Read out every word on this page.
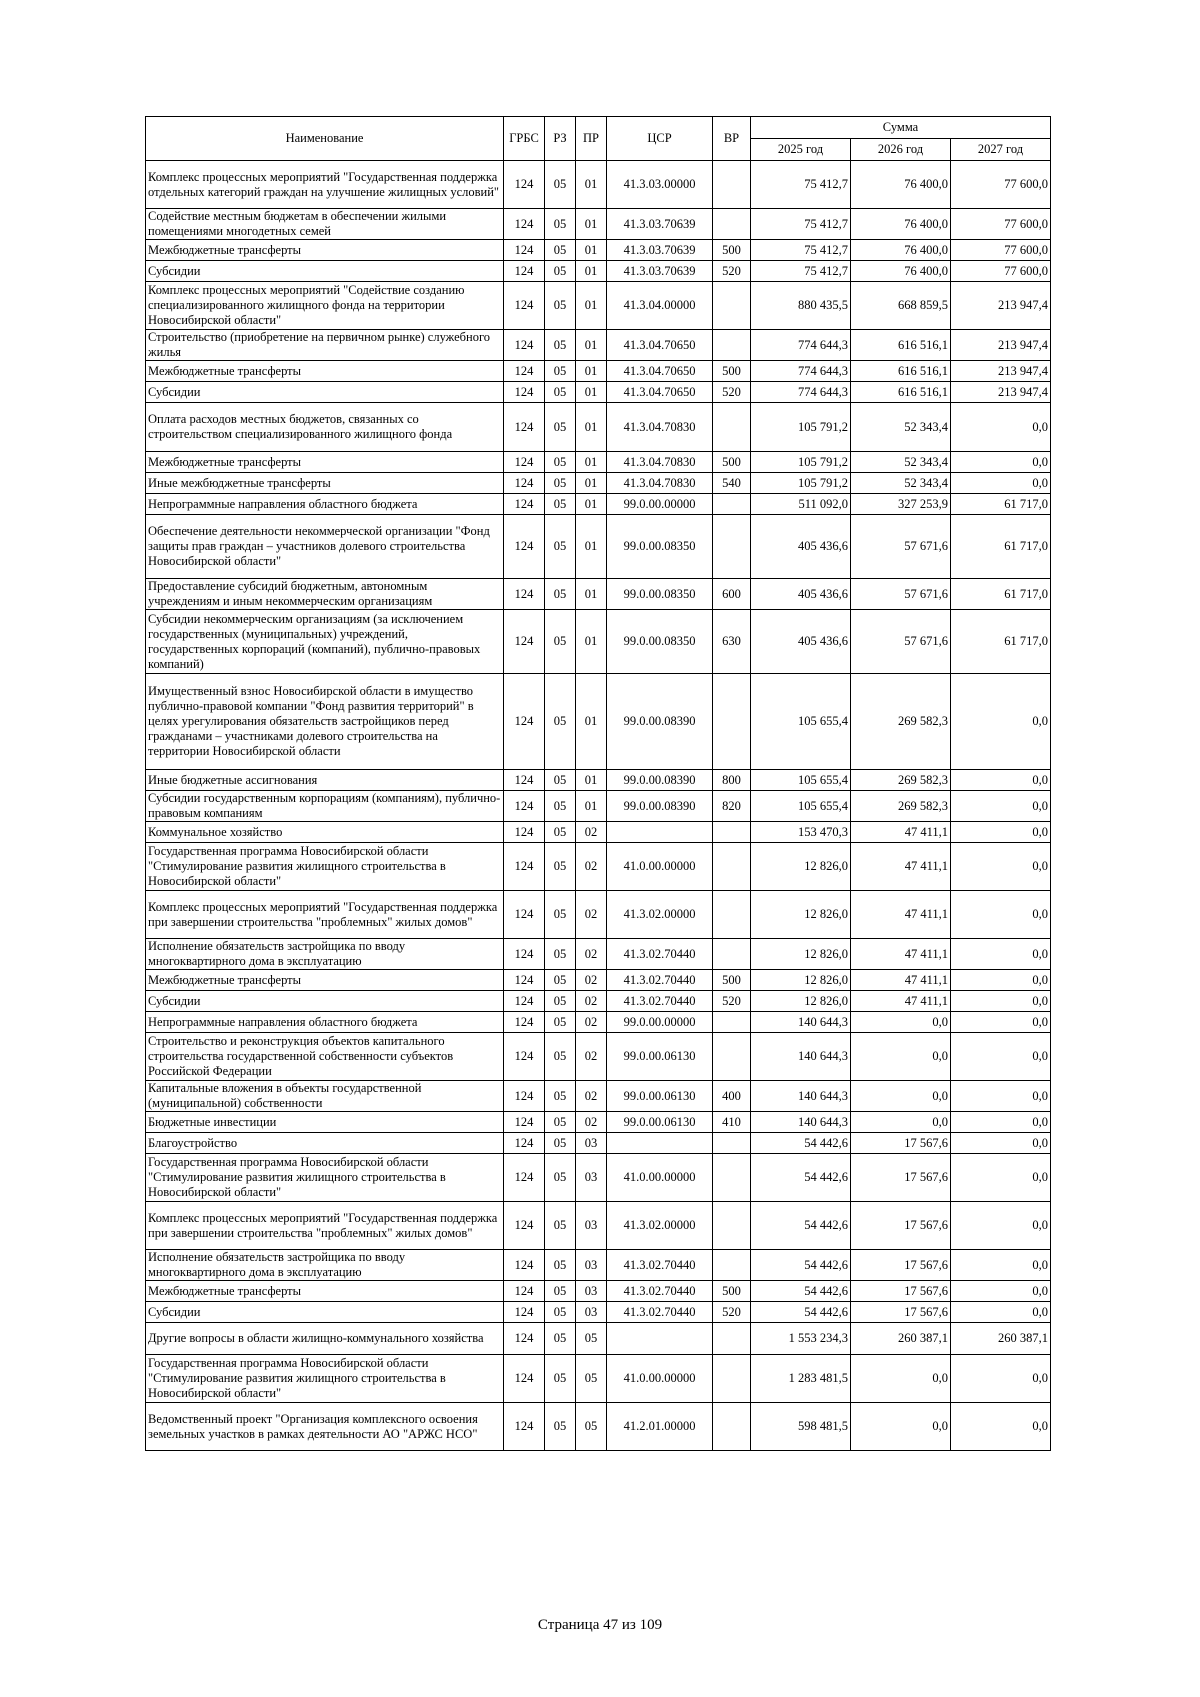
Наименование	ГРБС	РЗ	ПР	ЦСР	ВР	Сумма		
						2025 год	2026 год	2027 год
Комплекс процессных мероприятий "Государственная поддержка отдельных категорий граждан на улучшение жилищных условий"	124	05	01	41.3.03.00000		75 412,7	76 400,0	77 600,0
Содействие местным бюджетам в обеспечении жилыми помещениями многодетных семей	124	05	01	41.3.03.70639		75 412,7	76 400,0	77 600,0
Межбюджетные трансферты	124	05	01	41.3.03.70639	500	75 412,7	76 400,0	77 600,0
Субсидии	124	05	01	41.3.03.70639	520	75 412,7	76 400,0	77 600,0
Комплекс процессных мероприятий "Содействие созданию специализированного жилищного фонда на территории Новосибирской области"	124	05	01	41.3.04.00000		880 435,5	668 859,5	213 947,4
Строительство (приобретение на первичном рынке) служебного жилья	124	05	01	41.3.04.70650		774 644,3	616 516,1	213 947,4
Межбюджетные трансферты	124	05	01	41.3.04.70650	500	774 644,3	616 516,1	213 947,4
Субсидии	124	05	01	41.3.04.70650	520	774 644,3	616 516,1	213 947,4
Оплата расходов местных бюджетов, связанных со строительством специализированного жилищного фонда	124	05	01	41.3.04.70830		105 791,2	52 343,4	0,0
Межбюджетные трансферты	124	05	01	41.3.04.70830	500	105 791,2	52 343,4	0,0
Иные межбюджетные трансферты	124	05	01	41.3.04.70830	540	105 791,2	52 343,4	0,0
Непрограммные направления областного бюджета	124	05	01	99.0.00.00000		511 092,0	327 253,9	61 717,0
Обеспечение деятельности некоммерческой организации "Фонд защиты прав граждан – участников долевого строительства Новосибирской области"	124	05	01	99.0.00.08350		405 436,6	57 671,6	61 717,0
Предоставление субсидий бюджетным, автономным учреждениям и иным некоммерческим организациям	124	05	01	99.0.00.08350	600	405 436,6	57 671,6	61 717,0
Субсидии некоммерческим организациям (за исключением государственных (муниципальных) учреждений, государственных корпораций (компаний), публично-правовых компаний)	124	05	01	99.0.00.08350	630	405 436,6	57 671,6	61 717,0
Имущественный взнос Новосибирской области в имущество публично-правовой компании "Фонд развития территорий" в целях урегулирования обязательств застройщиков перед гражданами – участниками долевого строительства на территории Новосибирской области	124	05	01	99.0.00.08390		105 655,4	269 582,3	0,0
Иные бюджетные ассигнования	124	05	01	99.0.00.08390	800	105 655,4	269 582,3	0,0
Субсидии государственным корпорациям (компаниям), публично-правовым компаниям	124	05	01	99.0.00.08390	820	105 655,4	269 582,3	0,0
Коммунальное хозяйство	124	05	02			153 470,3	47 411,1	0,0
Государственная программа Новосибирской области "Стимулирование развития жилищного строительства в Новосибирской области"	124	05	02	41.0.00.00000		12 826,0	47 411,1	0,0
Комплекс процессных мероприятий "Государственная поддержка при завершении строительства "проблемных" жилых домов"	124	05	02	41.3.02.00000		12 826,0	47 411,1	0,0
Исполнение обязательств застройщика по вводу многоквартирного дома в эксплуатацию	124	05	02	41.3.02.70440		12 826,0	47 411,1	0,0
Межбюджетные трансферты	124	05	02	41.3.02.70440	500	12 826,0	47 411,1	0,0
Субсидии	124	05	02	41.3.02.70440	520	12 826,0	47 411,1	0,0
Непрограммные направления областного бюджета	124	05	02	99.0.00.00000		140 644,3	0,0	0,0
Строительство и реконструкция объектов капитального строительства государственной собственности субъектов Российской Федерации	124	05	02	99.0.00.06130		140 644,3	0,0	0,0
Капитальные вложения в объекты государственной (муниципальной) собственности	124	05	02	99.0.00.06130	400	140 644,3	0,0	0,0
Бюджетные инвестиции	124	05	02	99.0.00.06130	410	140 644,3	0,0	0,0
Благоустройство	124	05	03			54 442,6	17 567,6	0,0
Государственная программа Новосибирской области "Стимулирование развития жилищного строительства в Новосибирской области"	124	05	03	41.0.00.00000		54 442,6	17 567,6	0,0
Комплекс процессных мероприятий "Государственная поддержка при завершении строительства "проблемных" жилых домов"	124	05	03	41.3.02.00000		54 442,6	17 567,6	0,0
Исполнение обязательств застройщика по вводу многоквартирного дома в эксплуатацию	124	05	03	41.3.02.70440		54 442,6	17 567,6	0,0
Межбюджетные трансферты	124	05	03	41.3.02.70440	500	54 442,6	17 567,6	0,0
Субсидии	124	05	03	41.3.02.70440	520	54 442,6	17 567,6	0,0
Другие вопросы в области жилищно-коммунального хозяйства	124	05	05			1 553 234,3	260 387,1	260 387,1
Государственная программа Новосибирской области "Стимулирование развития жилищного строительства в Новосибирской области"	124	05	05	41.0.00.00000		1 283 481,5	0,0	0,0
Ведомственный проект "Организация комплексного освоения земельных участков в рамках деятельности АО "АРЖС НСО"	124	05	05	41.2.01.00000		598 481,5	0,0	0,0
Страница 47 из 109
